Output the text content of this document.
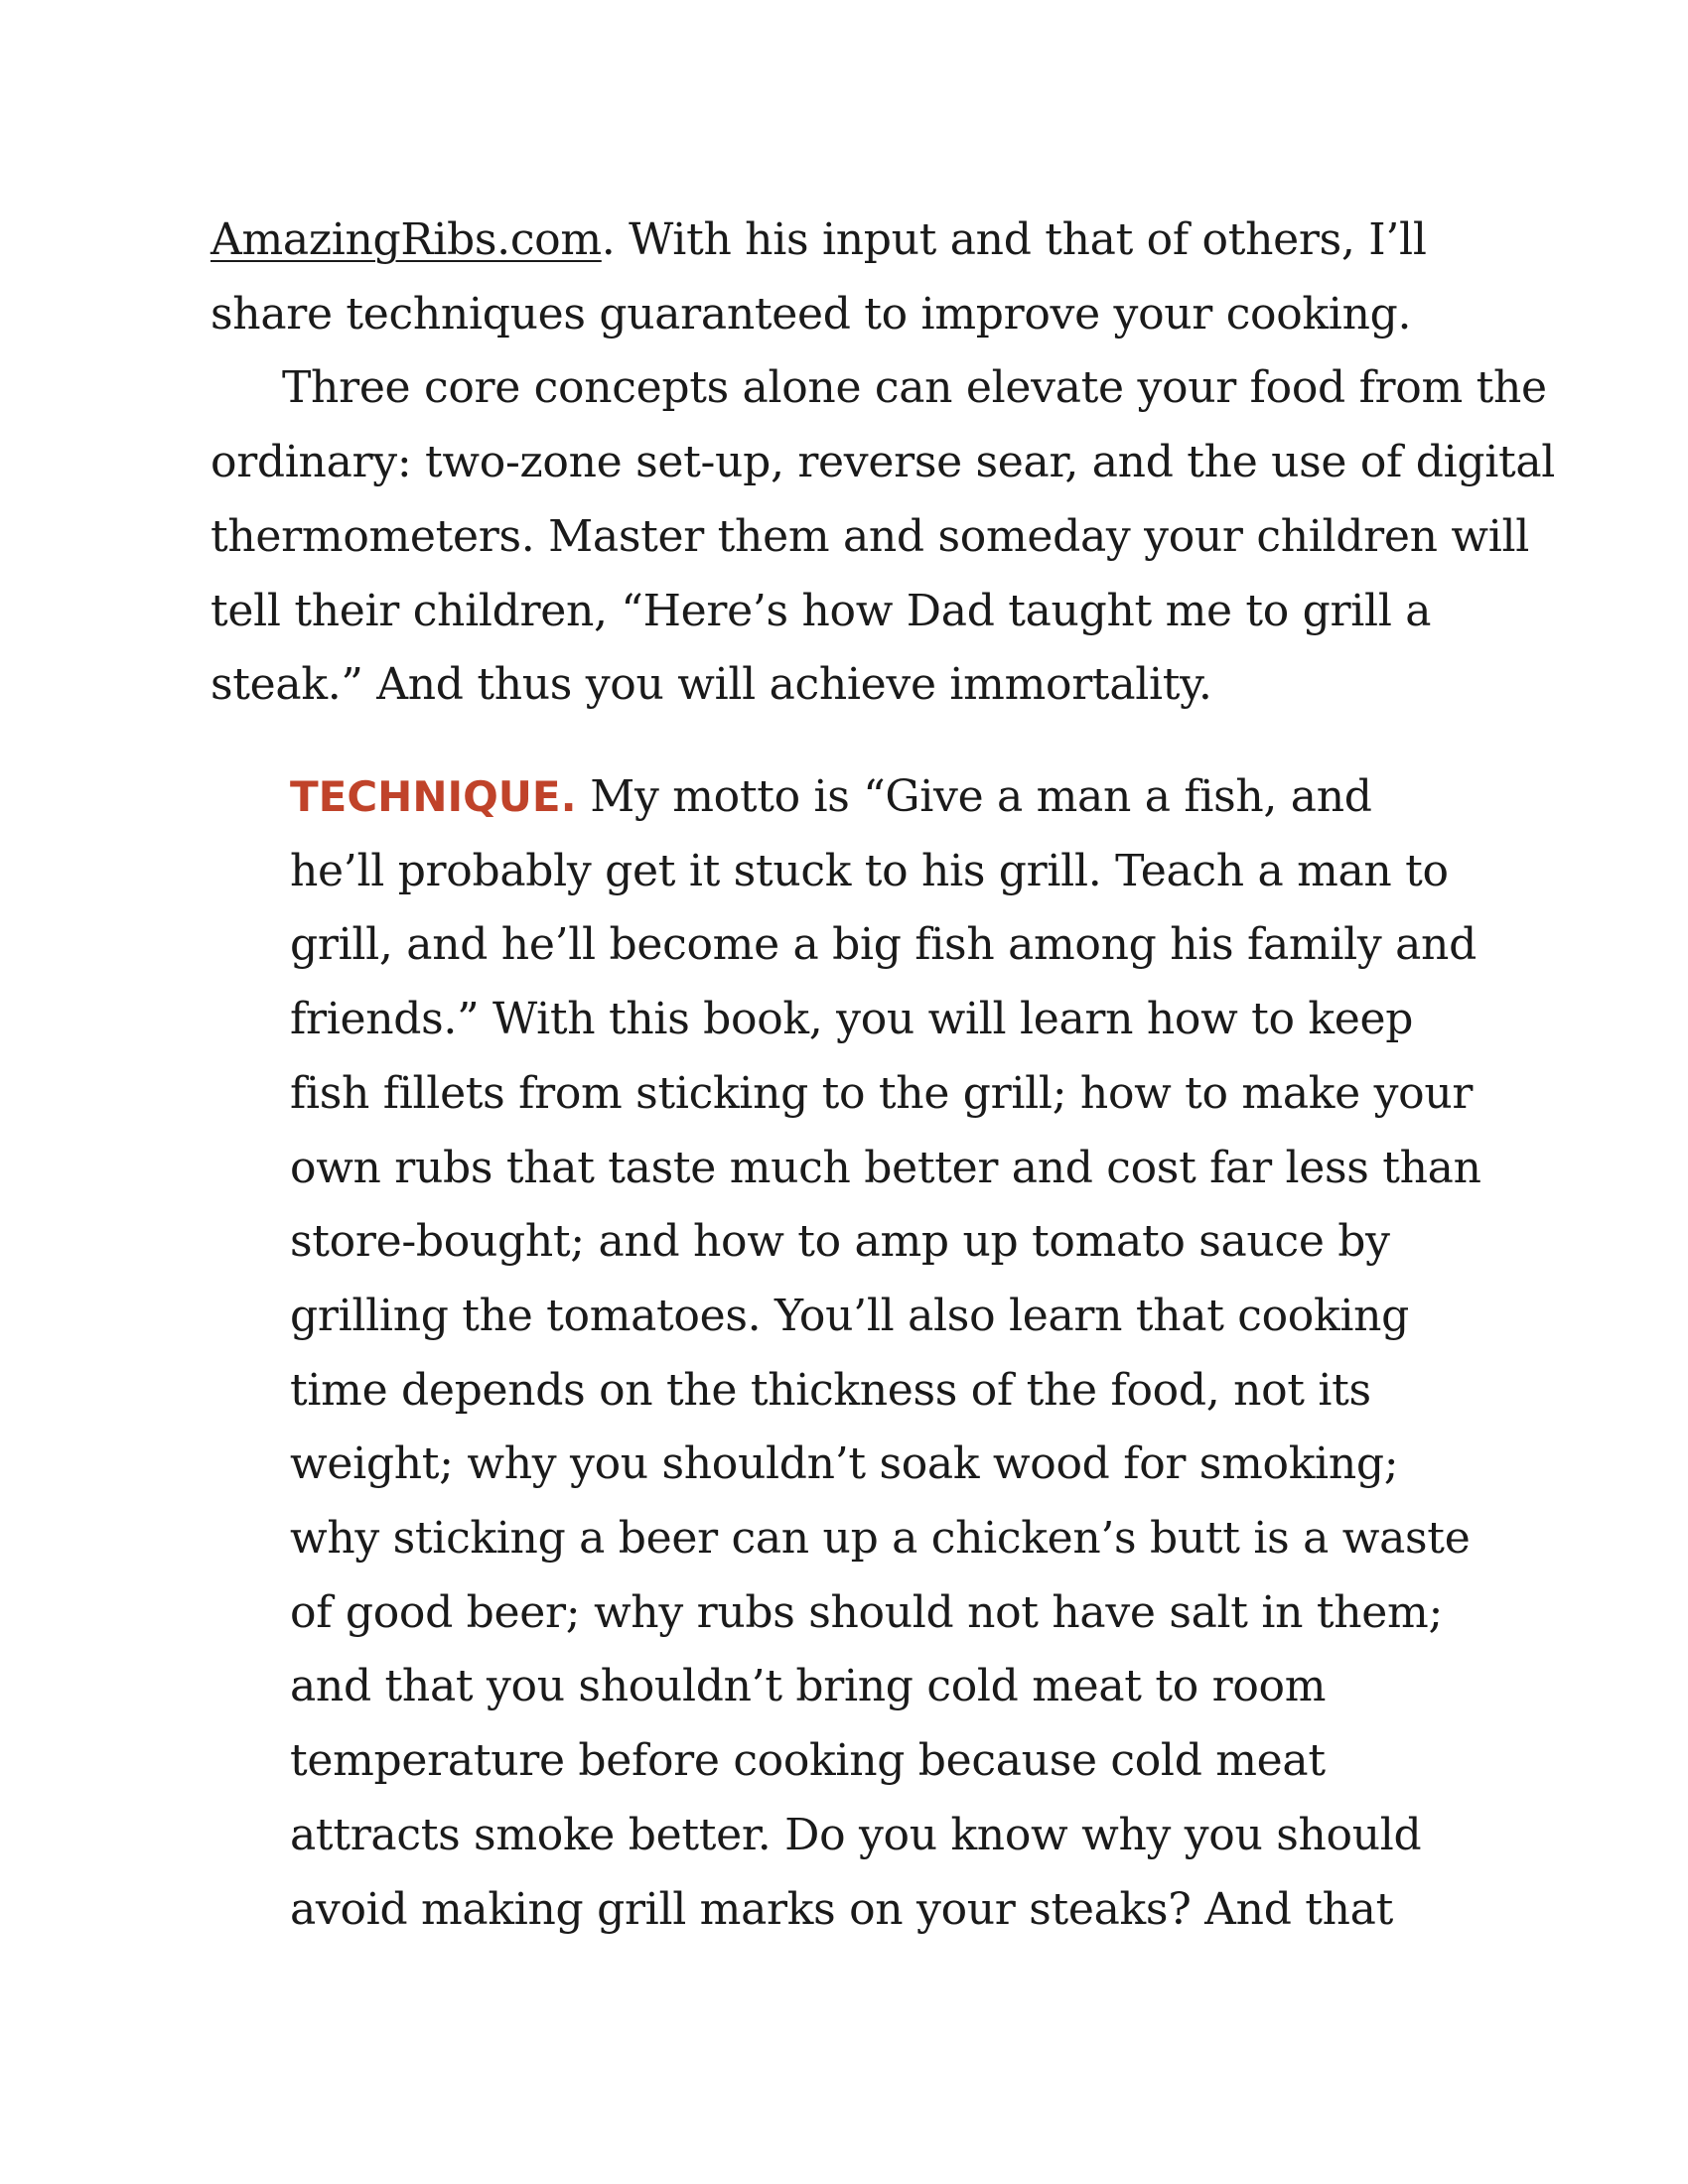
AmazingRibs.com. With his input and that of others, I’ll
share techniques guaranteed to improve your cooking.
Three core concepts alone can elevate your food from the
ordinary: two-zone set-up, reverse sear, and the use of digital
thermometers. Master them and someday your children will
tell their children, “Here’s how Dad taught me to grill a
steak.” And thus you will achieve immortality.
TECHNIQUE. My motto is “Give a man a fish, and
he’ll probably get it stuck to his grill. Teach a man to
grill, and he’ll become a big fish among his family and
friends.” With this book, you will learn how to keep
fish fillets from sticking to the grill; how to make your
own rubs that taste much better and cost far less than
store-bought; and how to amp up tomato sauce by
grilling the tomatoes. You’ll also learn that cooking
time depends on the thickness of the food, not its
weight; why you shouldn’t soak wood for smoking;
why sticking a beer can up a chicken’s butt is a waste
of good beer; why rubs should not have salt in them;
and that you shouldn’t bring cold meat to room
temperature before cooking because cold meat
attracts smoke better. Do you know why you should
avoid making grill marks on your steaks? And that
